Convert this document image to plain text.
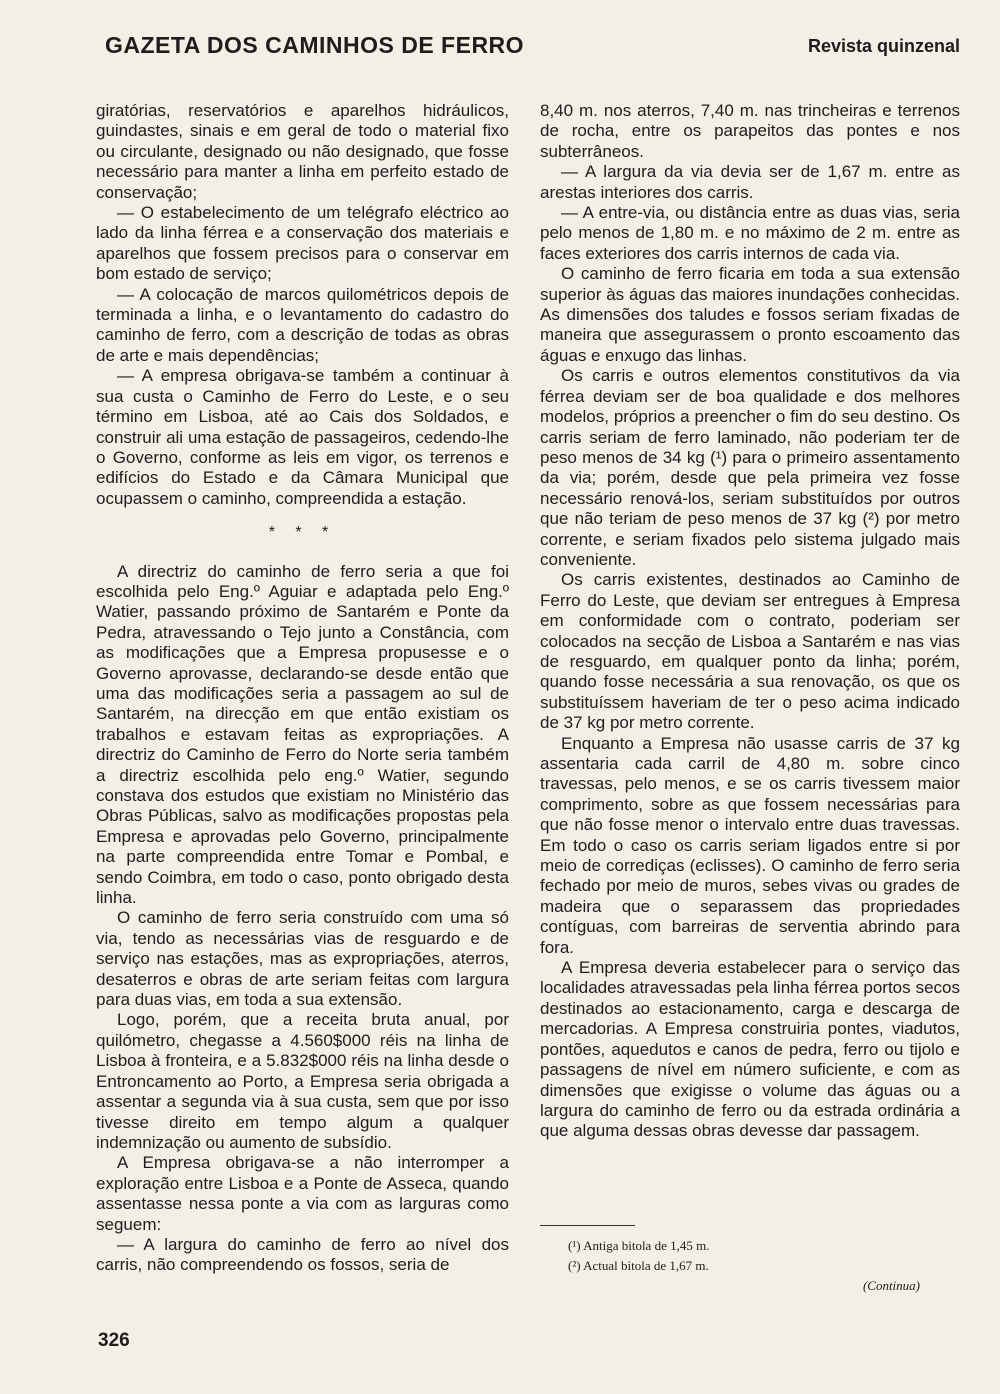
GAZETA DOS CAMINHOS DE FERRO	Revista quinzenal

giratórias, reservatórios e aparelhos hidráulicos, guindastes, sinais e em geral de todo o material fixo ou circulante, designado ou não designado, que fosse necessário para manter a linha em perfeito estado de conservação;

— O estabelecimento de um telégrafo eléctrico ao lado da linha férrea e a conservação dos materiais e aparelhos que fossem precisos para o conservar em bom estado de serviço;

— A colocação de marcos quilométricos depois de terminada a linha, e o levantamento do cadastro do caminho de ferro, com a descrição de todas as obras de arte e mais dependências;

— A empresa obrigava-se também a continuar à sua custa o Caminho de Ferro do Leste, e o seu término em Lisboa, até ao Cais dos Soldados, e construir ali uma estação de passageiros, cedendo-lhe o Governo, conforme as leis em vigor, os terrenos e edifícios do Estado e da Câmara Municipal que ocupassem o caminho, compreendida a estação.

* * *

A directriz do caminho de ferro seria a que foi escolhida pelo Eng.º Aguiar e adaptada pelo Eng.º Watier, passando próximo de Santarém e Ponte da Pedra, atravessando o Tejo junto a Constância, com as modificações que a Empresa propusesse e o Governo aprovasse, declarando-se desde então que uma das modificações seria a passagem ao sul de Santarém, na direcção em que então existiam os trabalhos e estavam feitas as expropriações. A directriz do Caminho de Ferro do Norte seria também a directriz escolhida pelo eng.º Watier, segundo constava dos estudos que existiam no Ministério das Obras Públicas, salvo as modificações propostas pela Empresa e aprovadas pelo Governo, principalmente na parte compreendida entre Tomar e Pombal, e sendo Coimbra, em todo o caso, ponto obrigado desta linha.

O caminho de ferro seria construído com uma só via, tendo as necessárias vias de resguardo e de serviço nas estações, mas as expropriações, aterros, desaterros e obras de arte seriam feitas com largura para duas vias, em toda a sua extensão.

Logo, porém, que a receita bruta anual, por quilómetro, chegasse a 4.560$000 réis na linha de Lisboa à fronteira, e a 5.832$000 réis na linha desde o Entroncamento ao Porto, a Empresa seria obrigada a assentar a segunda via à sua custa, sem que por isso tivesse direito em tempo algum a qualquer indemnização ou aumento de subsídio.

A Empresa obrigava-se a não interromper a exploração entre Lisboa e a Ponte de Asseca, quando assentasse nessa ponte a via com as larguras como seguem:

— A largura do caminho de ferro ao nível dos carris, não compreendendo os fossos, seria de

8,40 m. nos aterros, 7,40 m. nas trincheiras e terrenos de rocha, entre os parapeitos das pontes e nos subterrâneos.

— A largura da via devia ser de 1,67 m. entre as arestas interiores dos carris.

— A entre-via, ou distância entre as duas vias, seria pelo menos de 1,80 m. e no máximo de 2 m. entre as faces exteriores dos carris internos de cada via.

O caminho de ferro ficaria em toda a sua extensão superior às águas das maiores inundações conhecidas. As dimensões dos taludes e fossos seriam fixadas de maneira que assegurassem o pronto escoamento das águas e enxugo das linhas.

Os carris e outros elementos constitutivos da via férrea deviam ser de boa qualidade e dos melhores modelos, próprios a preencher o fim do seu destino. Os carris seriam de ferro laminado, não poderiam ter de peso menos de 34 kg (¹) para o primeiro assentamento da via; porém, desde que pela primeira vez fosse necessário renová-los, seriam substituídos por outros que não teriam de peso menos de 37 kg (²) por metro corrente, e seriam fixados pelo sistema julgado mais conveniente.

Os carris existentes, destinados ao Caminho de Ferro do Leste, que deviam ser entregues à Empresa em conformidade com o contrato, poderiam ser colocados na secção de Lisboa a Santarém e nas vias de resguardo, em qualquer ponto da linha; porém, quando fosse necessária a sua renovação, os que os substituíssem haveriam de ter o peso acima indicado de 37 kg por metro corrente.

Enquanto a Empresa não usasse carris de 37 kg assentaria cada carril de 4,80 m. sobre cinco travessas, pelo menos, e se os carris tivessem maior comprimento, sobre as que fossem necessárias para que não fosse menor o intervalo entre duas travessas. Em todo o caso os carris seriam ligados entre si por meio de corrediças (eclisses). O caminho de ferro seria fechado por meio de muros, sebes vivas ou grades de madeira que o separassem das propriedades contíguas, com barreiras de serventia abrindo para fora.

A Empresa deveria estabelecer para o serviço das localidades atravessadas pela linha férrea portos secos destinados ao estacionamento, carga e descarga de mercadorias. A Empresa construiria pontes, viadutos, pontões, aquedutos e canos de pedra, ferro ou tijolo e passagens de nível em número suficiente, e com as dimensões que exigisse o volume das águas ou a largura do caminho de ferro ou da estrada ordinária a que alguma dessas obras devesse dar passagem.

(¹) Antiga bitola de 1,45 m.

(²) Actual bitola de 1,67 m.

(Continua)
326
